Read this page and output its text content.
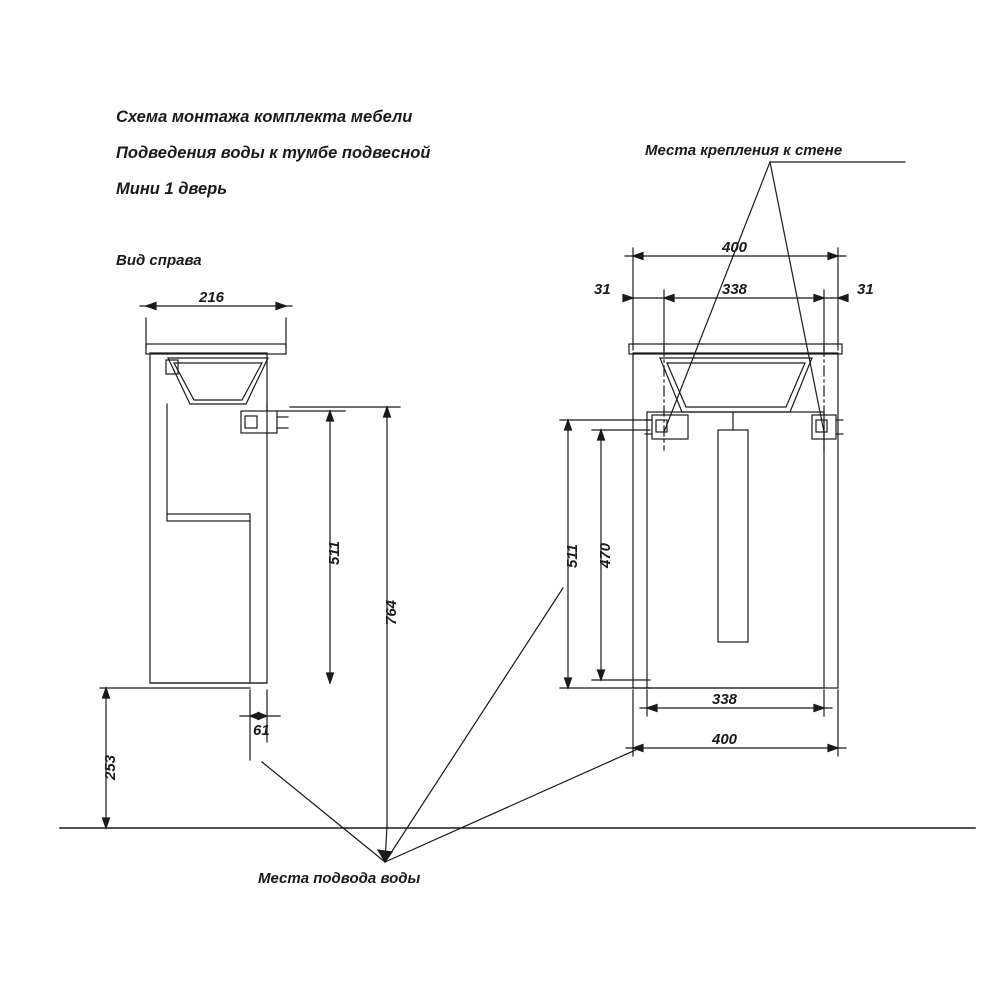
Схема монтажа комплекта мебели
Подведения воды к тумбе подвесной
Мини 1 дверь
Вид справа
Места крепления к стене
Места подвода воды
216
511
764
253
61
400
338
31	31
511 470
338
400
